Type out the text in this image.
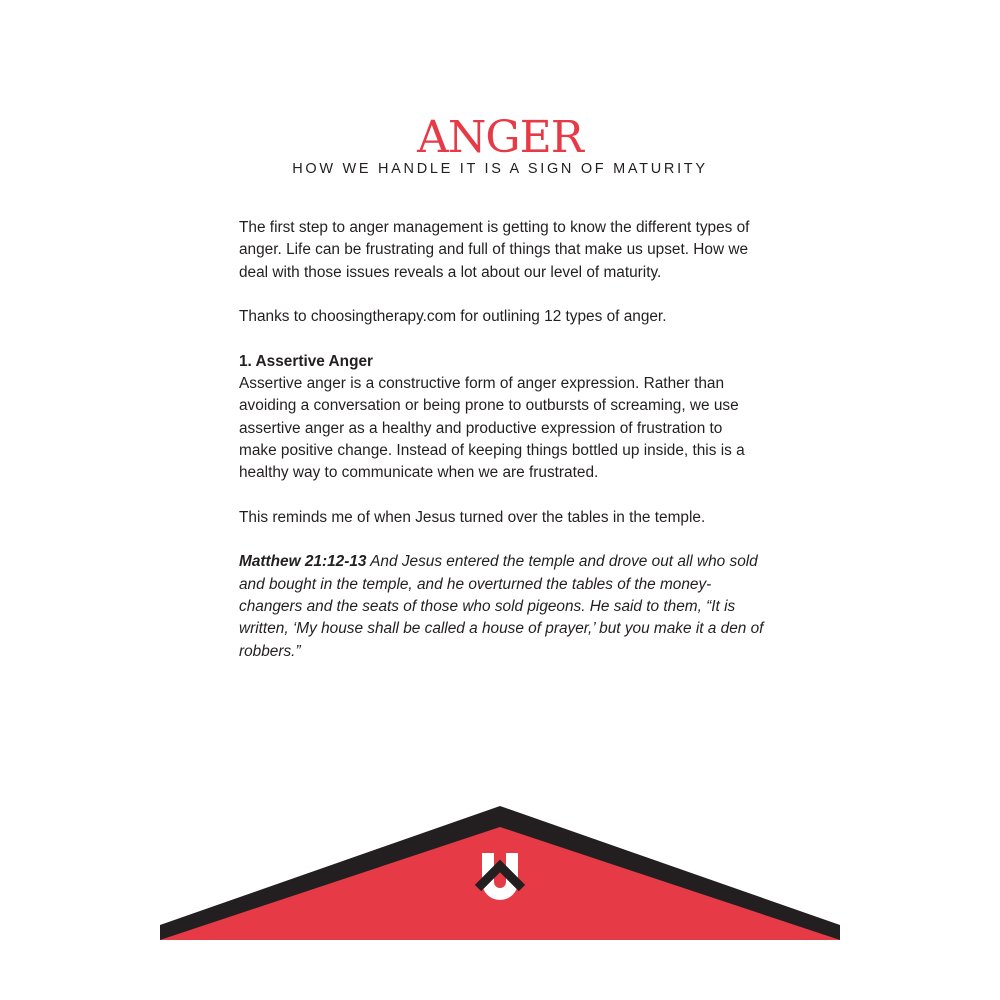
ANGER
HOW WE HANDLE IT IS A SIGN OF MATURITY

The first step to anger management is getting to know the different types of anger. Life can be frustrating and full of things that make us upset. How we deal with those issues reveals a lot about our level of maturity.

Thanks to choosingtherapy.com for outlining 12 types of anger.

1. Assertive Anger
Assertive anger is a constructive form of anger expression. Rather than avoiding a conversation or being prone to outbursts of screaming, we use assertive anger as a healthy and productive expression of frustration to make positive change. Instead of keeping things bottled up inside, this is a healthy way to communicate when we are frustrated.

This reminds me of when Jesus turned over the tables in the temple.

Matthew 21:12-13 And Jesus entered the temple and drove out all who sold and bought in the temple, and he overturned the tables of the money-changers and the seats of those who sold pigeons. He said to them, “It is written, ‘My house shall be called a house of prayer,’ but you make it a den of robbers.”
